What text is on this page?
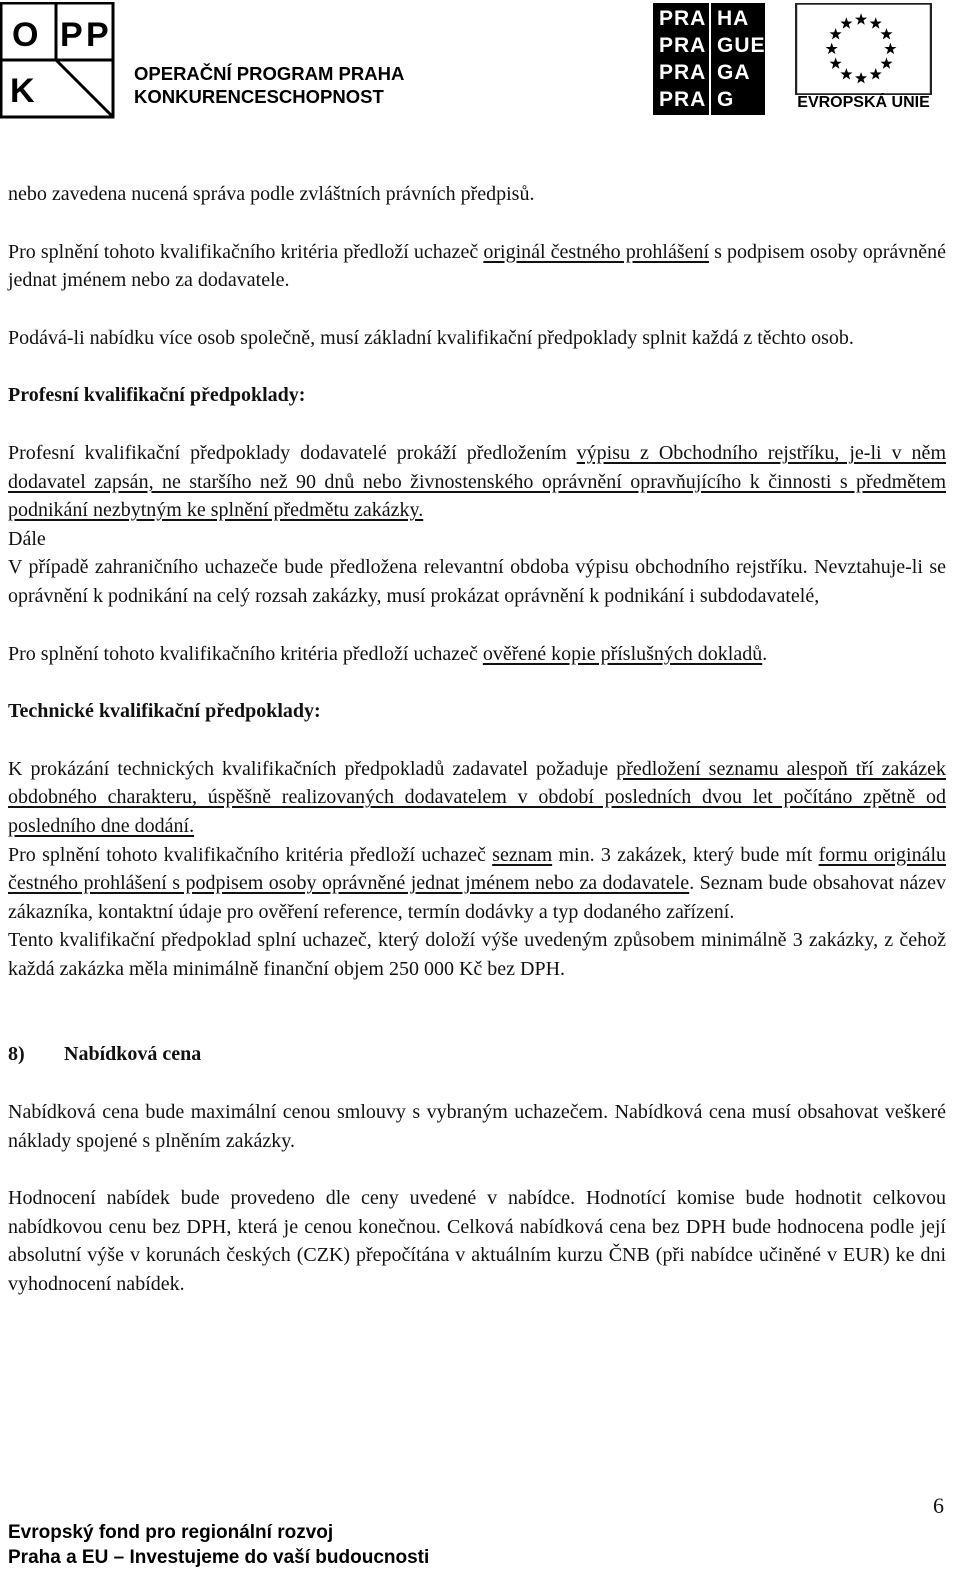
O P P
K	OPERAČNÍ PROGRAM PRAHA
KONKURENCESCHOPNOST
PRA HA
PRA GUE
PRA GA
PRA G	EVROPSKÁ UNIE

nebo zavedena nucená správa podle zvláštních právních předpisů.

Pro splnění tohoto kvalifikačního kritéria předloží uchazeč originál čestného prohlášení s podpisem osoby oprávněné jednat jménem nebo za dodavatele.

Podává-li nabídku více osob společně, musí základní kvalifikační předpoklady splnit každá z těchto osob.

Profesní kvalifikační předpoklady:

Profesní kvalifikační předpoklady dodavatelé prokáží předložením výpisu z Obchodního rejstříku, je-li v něm dodavatel zapsán, ne staršího než 90 dnů nebo živnostenského oprávnění opravňujícího k činnosti s předmětem podnikání nezbytným ke splnění předmětu zakázky.
Dále

V případě zahraničního uchazeče bude předložena relevantní obdoba výpisu obchodního rejstříku. Nevztahuje-li se oprávnění k podnikání na celý rozsah zakázky, musí prokázat oprávnění k podnikání i subdodavatelé,

Pro splnění tohoto kvalifikačního kritéria předloží uchazeč ověřené kopie příslušných dokladů.

Technické kvalifikační předpoklady:

K prokázání technických kvalifikačních předpokladů zadavatel požaduje předložení seznamu alespoň tří zakázek obdobného charakteru, úspěšně realizovaných dodavatelem v období posledních dvou let počítáno zpětně od posledního dne dodání.

Pro splnění tohoto kvalifikačního kritéria předloží uchazeč seznam min. 3 zakázek, který bude mít formu originálu čestného prohlášení s podpisem osoby oprávněné jednat jménem nebo za dodavatele. Seznam bude obsahovat název zákazníka, kontaktní údaje pro ověření reference, termín dodávky a typ dodaného zařízení.

Tento kvalifikační předpoklad splní uchazeč, který doloží výše uvedeným způsobem minimálně 3 zakázky, z čehož každá zakázka měla minimálně finanční objem 250 000 Kč bez DPH.

8) Nabídková cena

Nabídková cena bude maximální cenou smlouvy s vybraným uchazečem. Nabídková cena musí obsahovat veškeré náklady spojené s plněním zakázky.

Hodnocení nabídek bude provedeno dle ceny uvedené v nabídce. Hodnotící komise bude hodnotit celkovou nabídkovou cenu bez DPH, která je cenou konečnou. Celková nabídková cena bez DPH bude hodnocena podle její absolutní výše v korunách českých (CZK) přepočítána v aktuálním kurzu ČNB (při nabídce učiněné v EUR) ke dni vyhodnocení nabídek.

6
Evropský fond pro regionální rozvoj
Praha a EU – Investujeme do vaší budoucnosti
